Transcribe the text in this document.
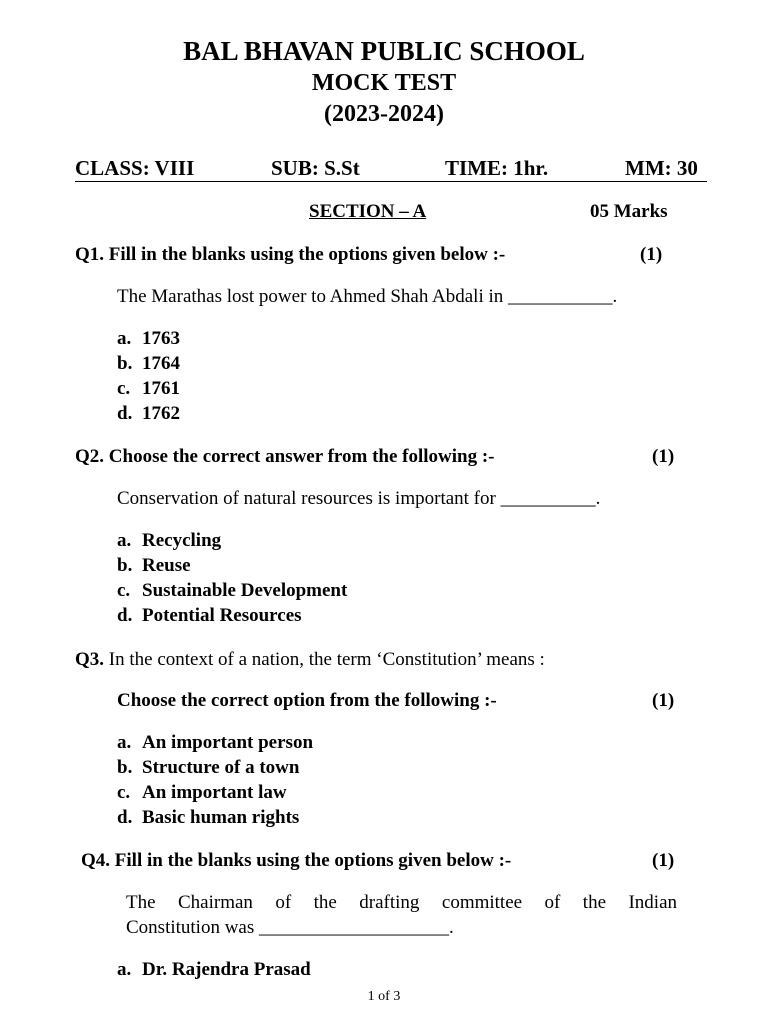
BAL BHAVAN PUBLIC SCHOOL
MOCK TEST
(2023-2024)
CLASS: VIII	SUB: S.St	TIME: 1hr.	MM: 30
SECTION – A	05 Marks
Q1. Fill in the blanks using the options given below :-	(1)
The Marathas lost power to Ahmed Shah Abdali in ___________.
a. 1763
b. 1764
c. 1761
d. 1762
Q2. Choose the correct answer from the following :-	(1)
Conservation of natural resources is important for __________.
a. Recycling
b. Reuse
c. Sustainable Development
d. Potential Resources
Q3. In the context of a nation, the term ‘Constitution’ means :
Choose the correct option from the following :-	(1)
a. An important person
b. Structure of a town
c. An important law
d. Basic human rights
Q4. Fill in the blanks using the options given below :-	(1)
The Chairman of the drafting committee of the Indian
Constitution was ____________________.
a. Dr. Rajendra Prasad
1 of 3
